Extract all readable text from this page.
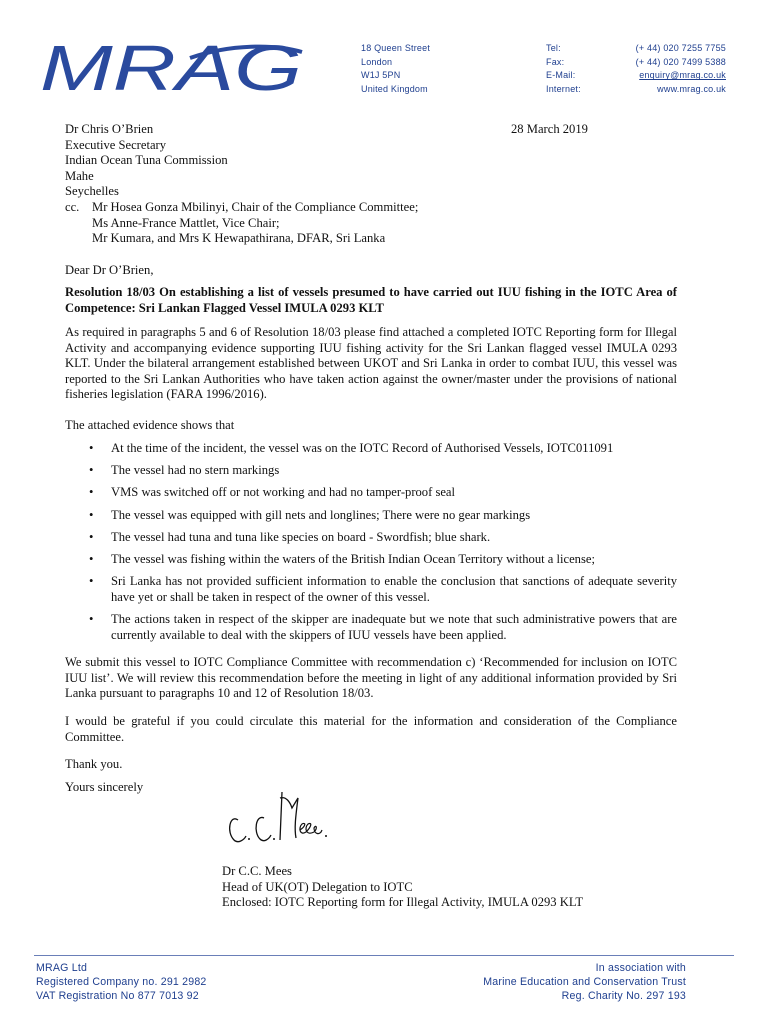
MRAG	18 Queen Street
London
W1J 5PN
United Kingdom
Tel:	(+ 44) 020 7255 7755
Fax:	(+ 44) 020 7499 5388
E-Mail:	enquiry@mrag.co.uk
Internet:	www.mrag.co.uk
28 March 2019
Dr Chris O’Brien
Executive Secretary
Indian Ocean Tuna Commission
Mahe
Seychelles
cc.	Mr Hosea Gonza Mbilinyi, Chair of the Compliance Committee;
Ms Anne-France Mattlet, Vice Chair;
Mr Kumara, and Mrs K Hewapathirana, DFAR, Sri Lanka
Dear Dr O’Brien,
Resolution 18/03 On establishing a list of vessels presumed to have carried out IUU fishing in the IOTC Area of Competence: Sri Lankan Flagged Vessel IMULA 0293 KLT
As required in paragraphs 5 and 6 of Resolution 18/03 please find attached a completed IOTC Reporting form for Illegal Activity and accompanying evidence supporting IUU fishing activity for the Sri Lankan flagged vessel IMULA 0293 KLT. Under the bilateral arrangement established between UKOT and Sri Lanka in order to combat IUU, this vessel was reported to the Sri Lankan Authorities who have taken action against the owner/master under the provisions of national fisheries legislation (FARA 1996/2016).
The attached evidence shows that
• At the time of the incident, the vessel was on the IOTC Record of Authorised Vessels, IOTC011091
• The vessel had no stern markings
• VMS was switched off or not working and had no tamper-proof seal
• The vessel was equipped with gill nets and longlines; There were no gear markings
• The vessel had tuna and tuna like species on board - Swordfish; blue shark.
• The vessel was fishing within the waters of the British Indian Ocean Territory without a license;
• Sri Lanka has not provided sufficient information to enable the conclusion that sanctions of adequate severity have yet or shall be taken in respect of the owner of this vessel.
• The actions taken in respect of the skipper are inadequate but we note that such administrative powers that are currently available to deal with the skippers of IUU vessels have been applied.
We submit this vessel to IOTC Compliance Committee with recommendation c) ‘Recommended for inclusion on IOTC IUU list’. We will review this recommendation before the meeting in light of any additional information provided by Sri Lanka pursuant to paragraphs 10 and 12 of Resolution 18/03.
I would be grateful if you could circulate this material for the information and consideration of the Compliance Committee.
Thank you.
Yours sincerely
Dr C.C. Mees
Head of UK(OT) Delegation to IOTC
Enclosed: IOTC Reporting form for Illegal Activity, IMULA 0293 KLT
MRAG Ltd
Registered Company no. 291 2982
VAT Registration No 877 7013 92
In association with
Marine Education and Conservation Trust
Reg. Charity No. 297 193
